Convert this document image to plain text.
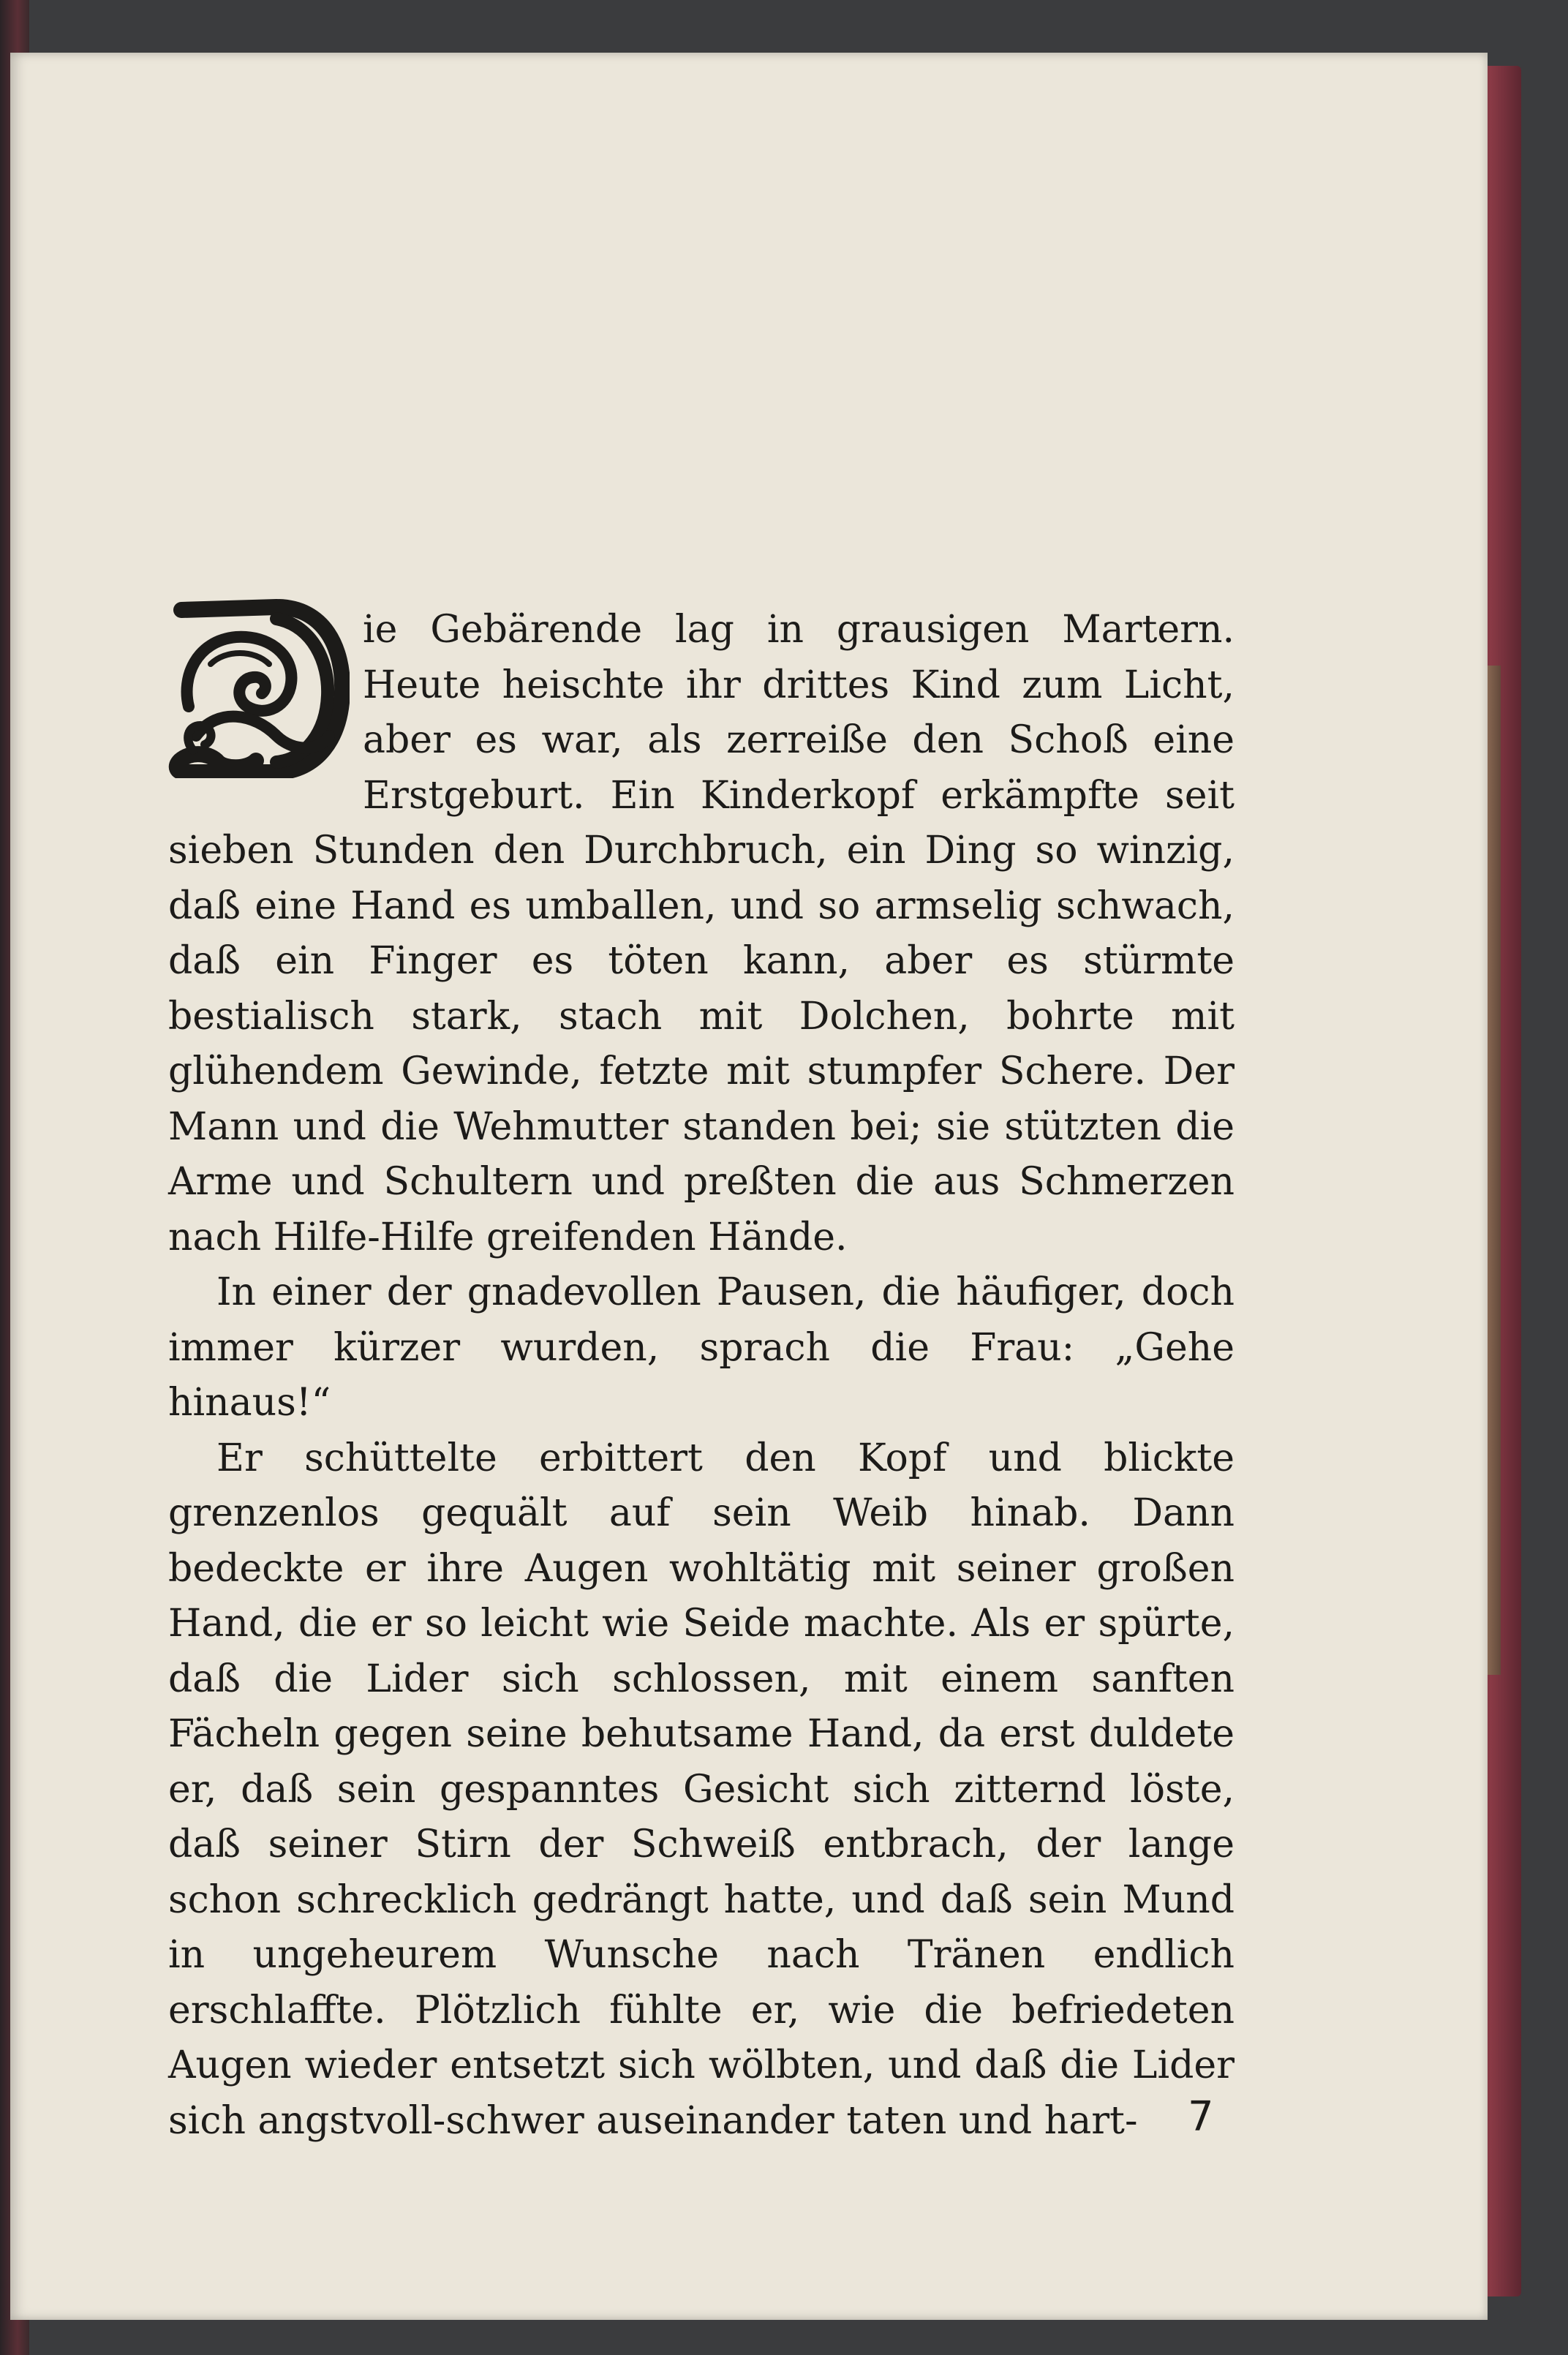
ie Gebärende lag in grausigen Martern. Heute heischte ihr drittes Kind zum Licht, aber es war, als zerreiße den Schoß eine Erstgeburt. Ein Kinderkopf erkämpfte seit sieben Stunden den Durchbruch, ein Ding so winzig, daß eine Hand es umballen, und so armselig schwach, daß ein Finger es töten kann, aber es stürmte bestialisch stark, stach mit Dolchen, bohrte mit glühendem Gewinde, fetzte mit stumpfer Schere. Der Mann und die Wehmutter standen bei; sie stützten die Arme und Schultern und preßten die aus Schmerzen nach Hilfe-Hilfe greifenden Hände.

In einer der gnadevollen Pausen, die häufiger, doch immer kürzer wurden, sprach die Frau: „Gehe hinaus!“

Er schüttelte erbittert den Kopf und blickte grenzenlos gequält auf sein Weib hinab. Dann bedeckte er ihre Augen wohltätig mit seiner großen Hand, die er so leicht wie Seide machte. Als er spürte, daß die Lider sich schlossen, mit einem sanften Fächeln gegen seine behutsame Hand, da erst duldete er, daß sein gespanntes Gesicht sich zitternd löste, daß seiner Stirn der Schweiß entbrach, der lange schon schrecklich gedrängt hatte, und daß sein Mund in ungeheurem Wunsche nach Tränen endlich erschlaffte. Plötzlich fühlte er, wie die befriedeten Augen wieder entsetzt sich wölbten, und daß die Lider sich angstvoll-schwer auseinander taten und hart-	7
